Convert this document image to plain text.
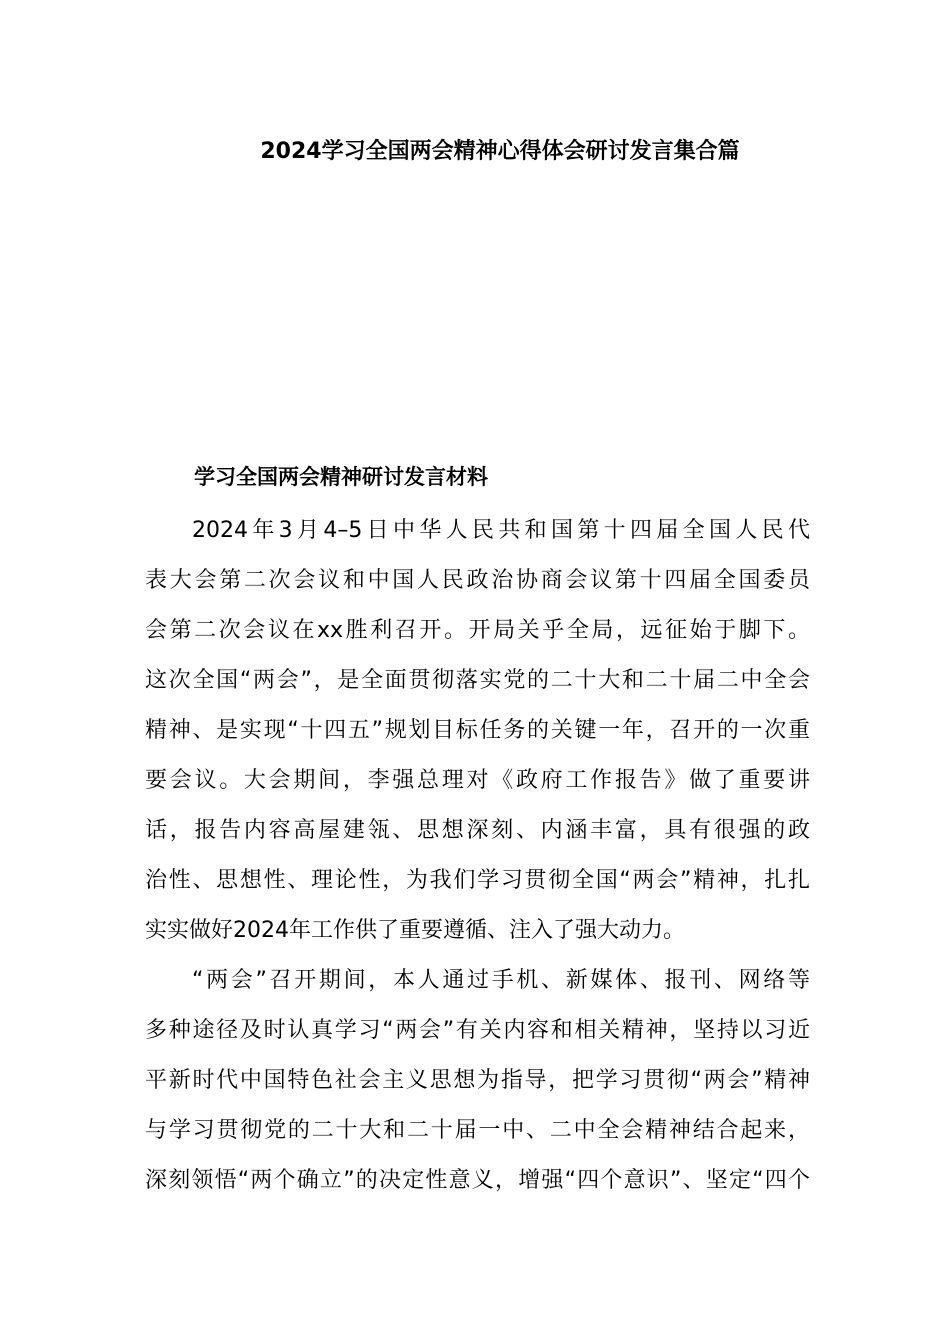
2024学习全国两会精神心得体会研讨发言集合篇
学习全国两会精神研讨发言材料
2024年3月4–5日中华人民共和国第十四届全国人民代
表大会第二次会议和中国人民政治协商会议第十四届全国委员
会第二次会议在xx胜利召开。开局关乎全局，远征始于脚下。
这次全国“两会”，是全面贯彻落实党的二十大和二十届二中全会
精神、是实现“十四五”规划目标任务的关键一年，召开的一次重
要会议。大会期间，李强总理对《政府工作报告》做了重要讲
话，报告内容高屋建瓴、思想深刻、内涵丰富，具有很强的政
治性、思想性、理论性，为我们学习贯彻全国“两会”精神，扎扎
实实做好2024年工作供了重要遵循、注入了强大动力。
“两会”召开期间，本人通过手机、新媒体、报刊、网络等
多种途径及时认真学习“两会”有关内容和相关精神，坚持以习近
平新时代中国特色社会主义思想为指导，把学习贯彻“两会”精神
与学习贯彻党的二十大和二十届一中、二中全会精神结合起来，
深刻领悟“两个确立”的决定性意义，增强“四个意识”、坚定“四个
